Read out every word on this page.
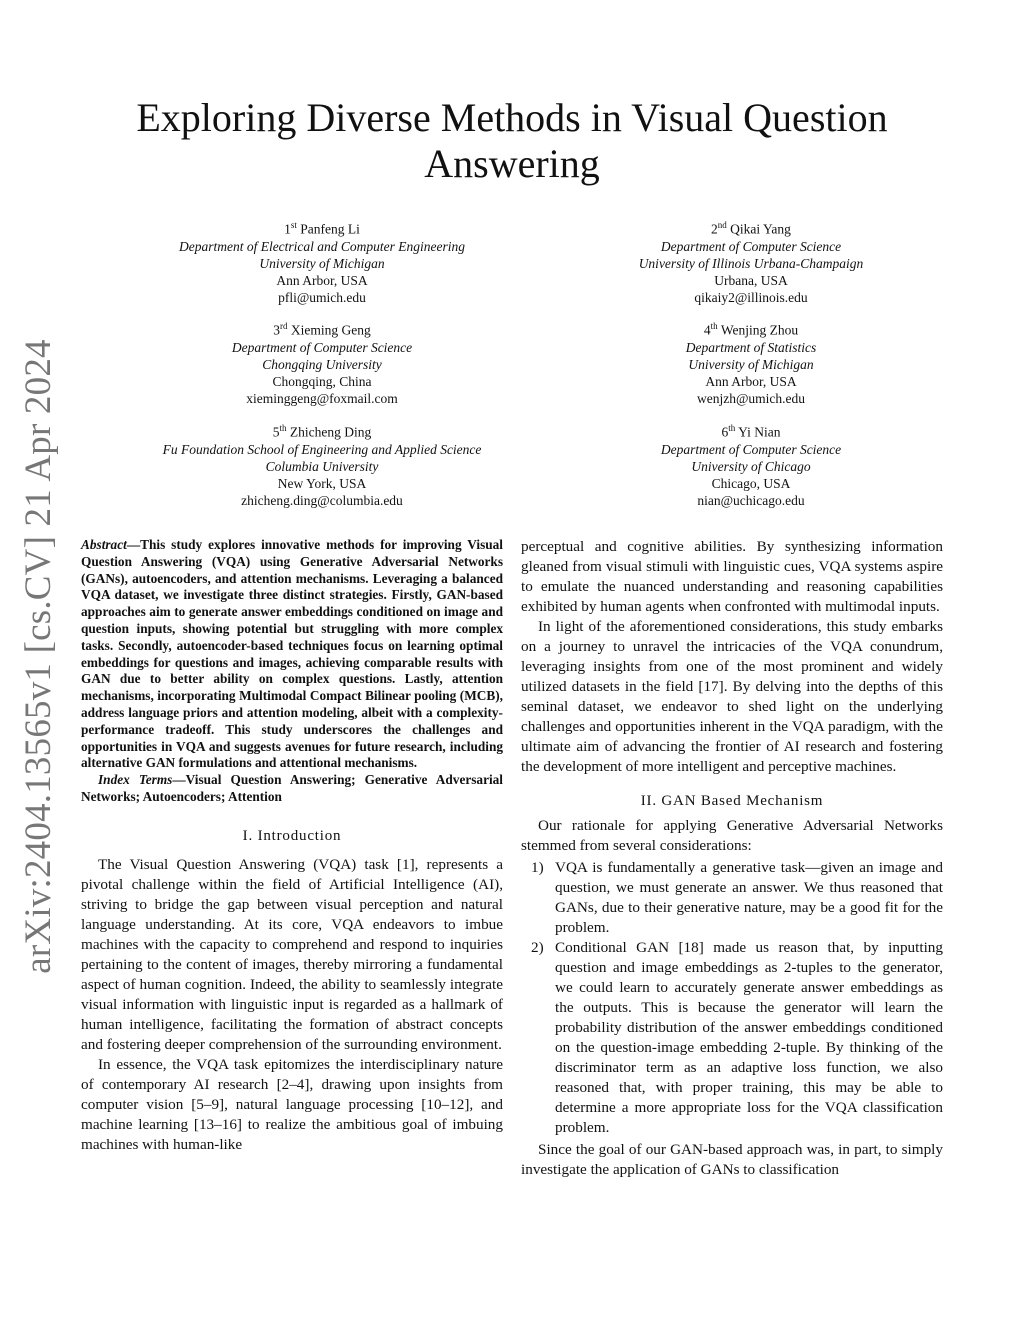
arXiv:2404.13565v1 [cs.CV] 21 Apr 2024
Exploring Diverse Methods in Visual Question Answering
1st Panfeng Li
Department of Electrical and Computer Engineering
University of Michigan
Ann Arbor, USA
pfli@umich.edu
2nd Qikai Yang
Department of Computer Science
University of Illinois Urbana-Champaign
Urbana, USA
qikaiy2@illinois.edu
3rd Xieming Geng
Department of Computer Science
Chongqing University
Chongqing, China
xieminggeng@foxmail.com
4th Wenjing Zhou
Department of Statistics
University of Michigan
Ann Arbor, USA
wenjzh@umich.edu
5th Zhicheng Ding
Fu Foundation School of Engineering and Applied Science
Columbia University
New York, USA
zhicheng.ding@columbia.edu
6th Yi Nian
Department of Computer Science
University of Chicago
Chicago, USA
nian@uchicago.edu

Abstract—This study explores innovative methods for improving Visual Question Answering (VQA) using Generative Adversarial Networks (GANs), autoencoders, and attention mechanisms. Leveraging a balanced VQA dataset, we investigate three distinct strategies. Firstly, GAN-based approaches aim to generate answer embeddings conditioned on image and question inputs, showing potential but struggling with more complex tasks. Secondly, autoencoder-based techniques focus on learning optimal embeddings for questions and images, achieving comparable results with GAN due to better ability on complex questions. Lastly, attention mechanisms, incorporating Multimodal Compact Bilinear pooling (MCB), address language priors and attention modeling, albeit with a complexity-performance tradeoff. This study underscores the challenges and opportunities in VQA and suggests avenues for future research, including alternative GAN formulations and attentional mechanisms.

Index Terms—Visual Question Answering; Generative Adversarial Networks; Autoencoders; Attention

I. Introduction

The Visual Question Answering (VQA) task [1], represents a pivotal challenge within the field of Artificial Intelligence (AI), striving to bridge the gap between visual perception and natural language understanding. At its core, VQA endeavors to imbue machines with the capacity to comprehend and respond to inquiries pertaining to the content of images, thereby mirroring a fundamental aspect of human cognition. Indeed, the ability to seamlessly integrate visual information with linguistic input is regarded as a hallmark of human intelligence, facilitating the formation of abstract concepts and fostering deeper comprehension of the surrounding environment.

In essence, the VQA task epitomizes the interdisciplinary nature of contemporary AI research [2–4], drawing upon insights from computer vision [5–9], natural language processing [10–12], and machine learning [13–16] to realize the ambitious goal of imbuing machines with human-like

perceptual and cognitive abilities. By synthesizing information gleaned from visual stimuli with linguistic cues, VQA systems aspire to emulate the nuanced understanding and reasoning capabilities exhibited by human agents when confronted with multimodal inputs.

In light of the aforementioned considerations, this study embarks on a journey to unravel the intricacies of the VQA conundrum, leveraging insights from one of the most prominent and widely utilized datasets in the field [17]. By delving into the depths of this seminal dataset, we endeavor to shed light on the underlying challenges and opportunities inherent in the VQA paradigm, with the ultimate aim of advancing the frontier of AI research and fostering the development of more intelligent and perceptive machines.

II. GAN Based Mechanism

Our rationale for applying Generative Adversarial Networks stemmed from several considerations:

1) VQA is fundamentally a generative task—given an image and question, we must generate an answer. We thus reasoned that GANs, due to their generative nature, may be a good fit for the problem.
2) Conditional GAN [18] made us reason that, by inputting question and image embeddings as 2-tuples to the generator, we could learn to accurately generate answer embeddings as the outputs. This is because the generator will learn the probability distribution of the answer embeddings conditioned on the question-image embedding 2-tuple. By thinking of the discriminator term as an adaptive loss function, we also reasoned that, with proper training, this may be able to determine a more appropriate loss for the VQA classification problem.

Since the goal of our GAN-based approach was, in part, to simply investigate the application of GANs to classification
